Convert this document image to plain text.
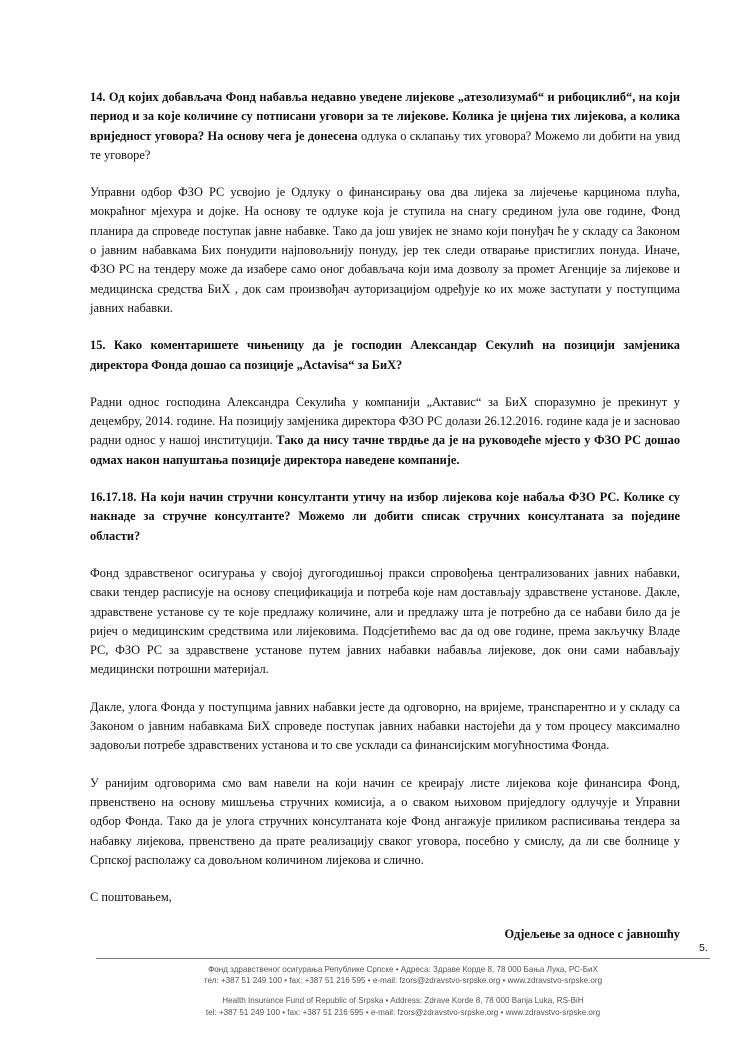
14. Од којих добављача Фонд набавља недавно уведене лијекове „атезолизумаб“ и рибоциклиб“, на који период и за које количине су потписани уговори за те лијекове. Колика је цијена тих лијекова, а колика вриједност уговора? На основу чега је донесена одлука о склапању тих уговора? Можемо ли добити на увид те уговоре?

Управни одбор ФЗО РС усвојио је Одлуку о финансирању ова два лијека за лијечење карцинома плућа, мокраћног мјехура и дојке. На основу те одлуке која је ступила на снагу средином јула ове године, Фонд планира да спроведе поступак јавне набавке. Тако да још увијек не знамо који понуђач ће у складу са Законом о јавним набавкама Бих понудити најповољнију понуду, јер тек следи отварање пристиглих понуда. Иначе, ФЗО РС на тендеру може да изабере само оног добављача који има дозволу за промет Агенције за лијекове и медицинска средства БиХ , док сам произвођач ауторизацијом одређује ко их може заступати у поступцима јавних набавки.

15. Како коментаришете чињеницу да је господин Александар Секулић на позицији замјеника директора Фонда дошао са позиције „Actavisa“ за БиХ?

Радни однос господина Александра Секулића у компанији „Актавис“ за БиХ споразумно је прекинут у децембру, 2014. године. На позицију замјеника директора ФЗО РС долази 26.12.2016. године када је и засновао радни однос у нашој институцији. Тако да нису тачне тврдње да је на руководеће мјесто у ФЗО РС дошао одмах након напуштања позиције директора наведене компаније.

16.17.18. На који начин стручни консултанти утичу на избор лијекова које набаља ФЗО РС. Колике су накнаде за стручне консултанте? Можемо ли добити списак стручних консултаната за поједине области?

Фонд здравственог осигурања у својој дугогодишњој пракси спровођења централизованих јавних набавки, сваки тендер расписује на основу спецификација и потреба које нам достављају здравствене установе. Дакле, здравствене установе су те које предлажу количине, али и предлажу шта је потребно да се набави било да је ријеч о медицинским средствима или лијековима. Подсјетићемо вас да од ове године, према закључку Владе РС, ФЗО РС за здравствене установе путем јавних набавки набавља лијекове, док они сами набављају медицински потрошни материјал.

Дакле, улога Фонда у поступцима јавних набавки јесте да одговорно, на вријеме, транспарентно и у складу са Законом о јавним набавкама БиХ спроведе поступак јавних набавки настојећи да у том процесу максимално задовољи потребе здравствених установа и то све усклади са финансијским могућностима Фонда.

У ранијим одговорима смо вам навели на који начин се креирају листе лијекова које финансира Фонд, првенствено на основу мишљења стручних комисија, а о сваком њиховом приједлогу одлучује и Управни одбор Фонда. Тако да је улога стручних консултаната које Фонд ангажује приликом расписивања тендера за набавку лијекова, првенствено да прате реализацију сваког уговора, посебно у смислу, да ли све болнице у Српској располажу са довољном количином лијекова и слично.

С поштовањем,

Одјељење за односе с јавношћу

5.
Фонд здравственог осигурања Републике Српске • Адреса: Здраве Корде 8, 78 000 Бања Лука, РС-БиХ
тел: +387 51 249 100 • fax: +387 51 216 595 • e-mail: fzors@zdravstvo-srpske.org • www.zdravstvo-srpske.org
Health Insurance Fund of Republic of Srpska • Address: Zdrave Korde 8, 78 000 Banja Luka, RS-BiH
tel: +387 51 249 100 • fax: +387 51 216 595 • e-mail: fzors@zdravstvo-srpske.org • www.zdravstvo-srpske.org
